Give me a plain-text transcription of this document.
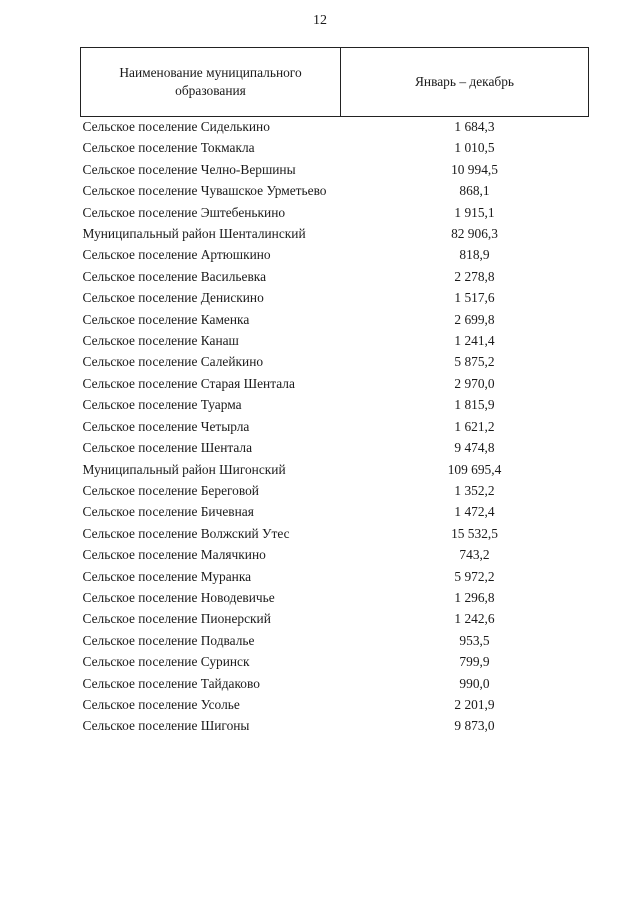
12
Наименование муниципального образования	Январь – декабрь
Сельское поселение Сиделькино	1 684,3
Сельское поселение Токмакла	1 010,5
Сельское поселение Челно-Вершины	10 994,5
Сельское поселение Чувашское Урметьево	868,1
Сельское поселение Эштебенькино	1 915,1
Муниципальный район Шенталинский	82 906,3
Сельское поселение Артюшкино	818,9
Сельское поселение Васильевка	2 278,8
Сельское поселение Денискино	1 517,6
Сельское поселение Каменка	2 699,8
Сельское поселение Канаш	1 241,4
Сельское поселение Салейкино	5 875,2
Сельское поселение Старая Шентала	2 970,0
Сельское поселение Туарма	1 815,9
Сельское поселение Четырла	1 621,2
Сельское поселение Шентала	9 474,8
Муниципальный район Шигонский	109 695,4
Сельское поселение Береговой	1 352,2
Сельское поселение Бичевная	1 472,4
Сельское поселение Волжский Утес	15 532,5
Сельское поселение Малячкино	743,2
Сельское поселение Муранка	5 972,2
Сельское поселение Новодевичье	1 296,8
Сельское поселение Пионерский	1 242,6
Сельское поселение Подвалье	953,5
Сельское поселение Суринск	799,9
Сельское поселение Тайдаково	990,0
Сельское поселение Усолье	2 201,9
Сельское поселение Шигоны	9 873,0
